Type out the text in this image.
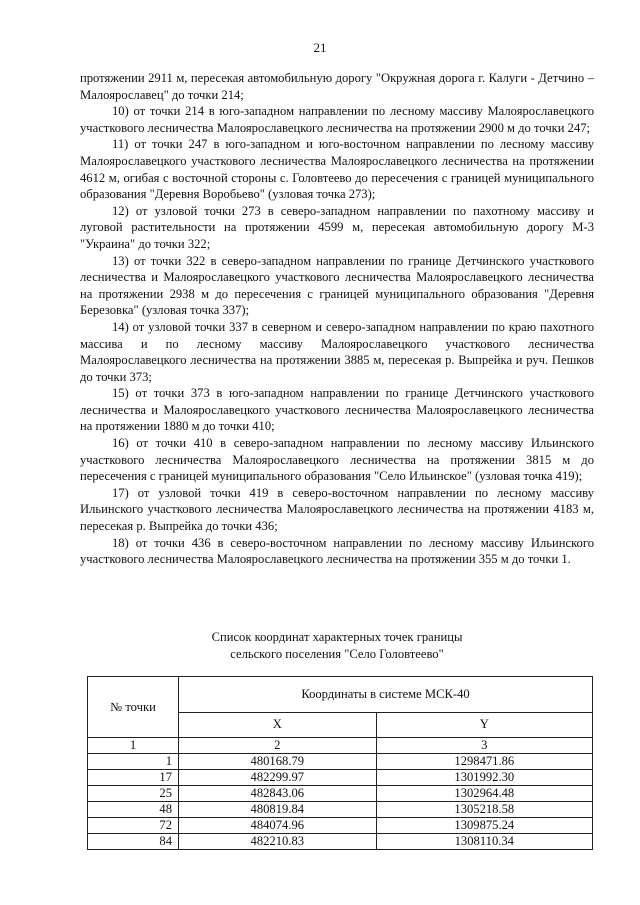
21

протяжении 2911 м, пересекая автомобильную дорогу "Окружная дорога г. Калуги - Детчино – Малоярославец" до точки 214;

10) от точки 214 в юго-западном направлении по лесному массиву Малоярославецкого участкового лесничества Малоярославецкого лесничества на протяжении 2900 м до точки 247;

11) от точки 247 в юго-западном и юго-восточном направлении по лесному массиву Малоярославецкого участкового лесничества Малоярославецкого лесничества на протяжении 4612 м, огибая с восточной стороны с. Головтеево до пересечения с границей муниципального образования "Деревня Воробьево" (узловая точка 273);

12) от узловой точки 273 в северо-западном направлении по пахотному массиву и луговой растительности на протяжении 4599 м, пересекая автомобильную дорогу М-3 "Украина" до точки 322;

13) от точки 322 в северо-западном направлении по границе Детчинского участкового лесничества и Малоярославецкого участкового лесничества Малоярославецкого лесничества на протяжении 2938 м до пересечения с границей муниципального образования "Деревня Березовка" (узловая точка 337);

14) от узловой точки 337 в северном и северо-западном направлении по краю пахотного массива и по лесному массиву Малоярославецкого участкового лесничества Малоярославецкого лесничества на протяжении 3885 м, пересекая р. Выпрейка и руч. Пешков до точки 373;

15) от точки 373 в юго-западном направлении по границе Детчинского участкового лесничества и Малоярославецкого участкового лесничества Малоярославецкого лесничества на протяжении 1880 м до точки 410;

16) от точки 410 в северо-западном направлении по лесному массиву Ильинского участкового лесничества Малоярославецкого лесничества на протяжении 3815 м до пересечения с границей муниципального образования "Село Ильинское" (узловая точка 419);

17) от узловой точки 419 в северо-восточном направлении по лесному массиву Ильинского участкового лесничества Малоярославецкого лесничества на протяжении 4183 м, пересекая р. Выпрейка до точки 436;

18) от точки 436 в северо-восточном направлении по лесному массиву Ильинского участкового лесничества Малоярославецкого лесничества на протяжении 355 м до точки 1.

Список координат характерных точек границы
сельского поселения "Село Головтеево"
№ точки	Координаты в системе МСК-40	
	X	Y
1	2	3
1	480168.79	1298471.86
17	482299.97	1301992.30
25	482843.06	1302964.48
48	480819.84	1305218.58
72	484074.96	1309875.24
84	482210.83	1308110.34
